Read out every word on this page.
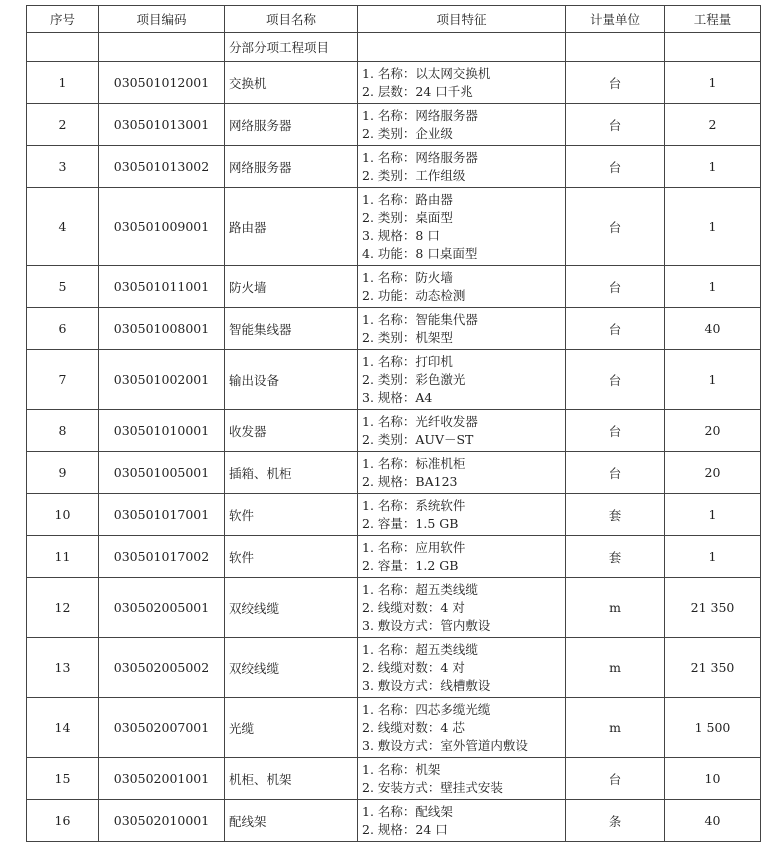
序号	项目编码	项目名称	项目特征	计量单位	工程量
		分部分项工程项目			
1	030501012001	交换机	1. 名称：以太网交换机
2. 层数：24 口千兆	台	1
2	030501013001	网络服务器	1. 名称：网络服务器
2. 类别：企业级	台	2
3	030501013002	网络服务器	1. 名称：网络服务器
2. 类别：工作组级	台	1
4	030501009001	路由器	1. 名称：路由器
2. 类别：桌面型
3. 规格：8 口
4. 功能：8 口桌面型	台	1
5	030501011001	防火墙	1. 名称：防火墙
2. 功能：动态检测	台	1
6	030501008001	智能集线器	1. 名称：智能集代器
2. 类别：机架型	台	40
7	030501002001	输出设备	1. 名称：打印机
2. 类别：彩色激光
3. 规格：A4	台	1
8	030501010001	收发器	1. 名称：光纤收发器
2. 类别：AUV－ST	台	20
9	030501005001	插箱、机柜	1. 名称：标准机柜
2. 规格：BA123	台	20
10	030501017001	软件	1. 名称：系统软件
2. 容量：1.5 GB	套	1
11	030501017002	软件	1. 名称：应用软件
2. 容量：1.2 GB	套	1
12	030502005001	双绞线缆	1. 名称：超五类线缆
2. 线缆对数：4 对
3. 敷设方式：管内敷设	m	21 350
13	030502005002	双绞线缆	1. 名称：超五类线缆
2. 线缆对数：4 对
3. 敷设方式：线槽敷设	m	21 350
14	030502007001	光缆	1. 名称：四芯多缆光缆
2. 线缆对数：4 芯
3. 敷设方式：室外管道内敷设	m	1 500
15	030502001001	机柜、机架	1. 名称：机架
2. 安装方式：壁挂式安装	台	10
16	030502010001	配线架	1. 名称：配线架
2. 规格：24 口	条	40
